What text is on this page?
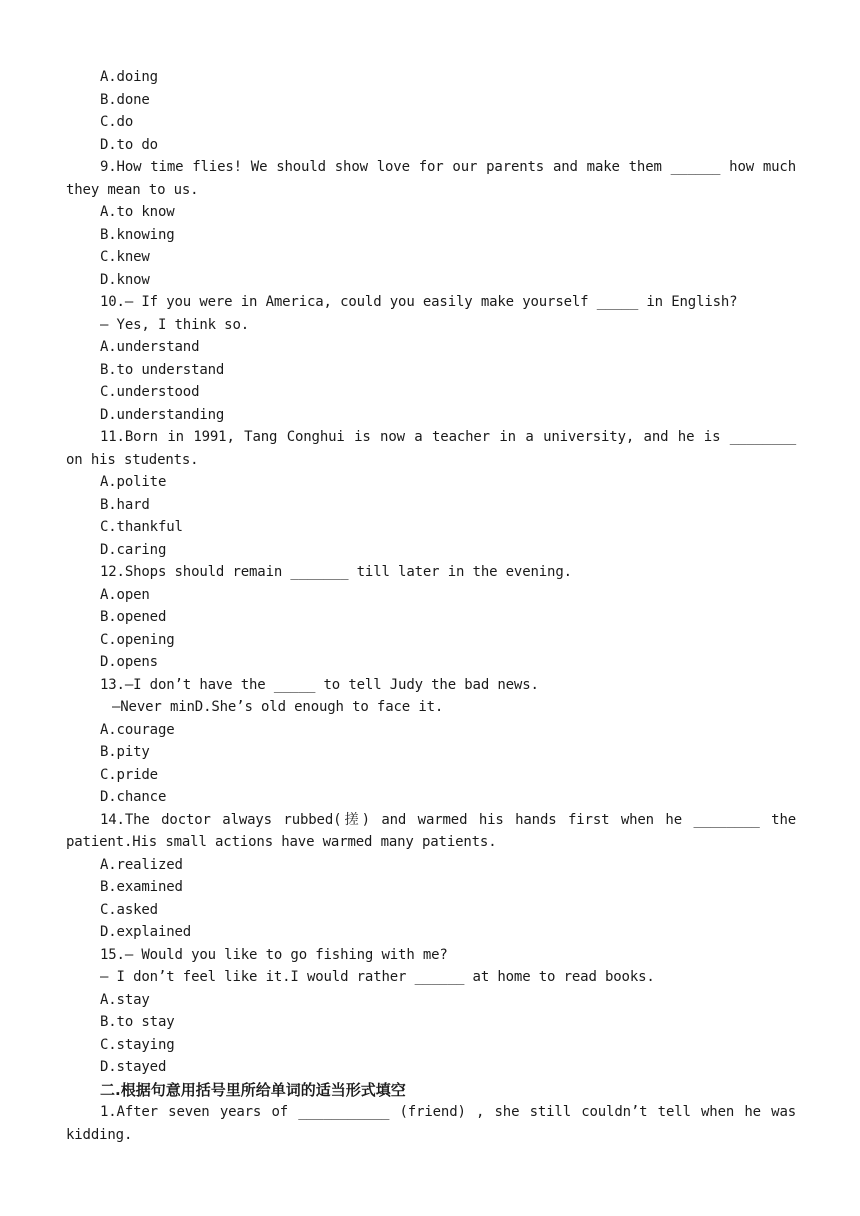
A.doing
B.done
C.do
D.to do
9.How time flies! We should show love for our parents and make them ______ how much
they mean to us.
A.to know
B.knowing
C.knew
D.know
10.— If you were in America, could you easily make yourself _____ in English?
— Yes, I think so.
A.understand
B.to understand
C.understood
D.understanding
11.Born in 1991, Tang Conghui is now a teacher in a university, and he is ________
on his students.
A.polite
B.hard
C.thankful
D.caring
12.Shops should remain _______ till later in the evening.
A.open
B.opened
C.opening
D.opens
13.—I don’t have the _____ to tell Judy the bad news.
—Never minD.She’s old enough to face it.
A.courage
B.pity
C.pride
D.chance
14.The doctor always rubbed(搓) and warmed his hands first when he ________ the
patient.His small actions have warmed many patients.
A.realized
B.examined
C.asked
D.explained
15.— Would you like to go fishing with me?
— I don’t feel like it.I would rather ______ at home to read books.
A.stay
B.to stay
C.staying
D.stayed
二.根据句意用括号里所给单词的适当形式填空
1.After seven years of ___________ (friend) , she still couldn’t tell when he was
kidding.
